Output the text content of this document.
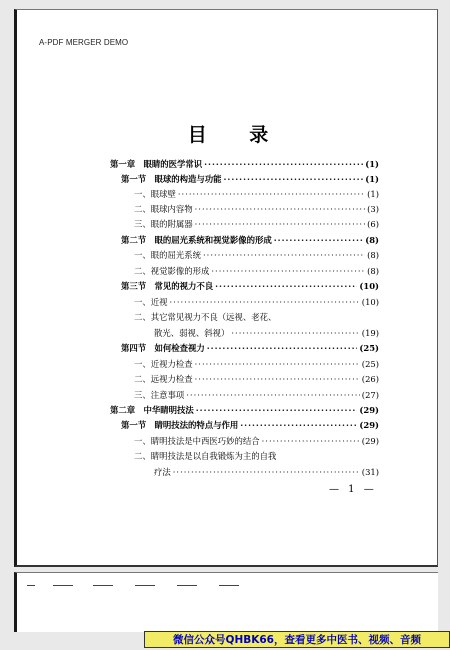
A-PDF MERGER DEMO
目 录
第一章　眼睛的医学常识 ·····	(1)
第一节　眼球的构造与功能 ·····	(1)
一、眼球壁 ·····	(1)
二、眼球内容物 ·····	(3)
三、眼的附属器 ·····	(6)
第二节　眼的屈光系统和视觉影像的形成 ·····	(8)
一、眼的屈光系统 ·····	(8)
二、视觉影像的形成 ·····	(8)
第三节　常见的视力不良 ·····	(10)
一、近视 ·····	(10)
二、其它常见视力不良（远视、老花、
散光、弱视、斜视） ·····	(19)
第四节　如何检查视力 ·····	(25)
一、近视力检查 ·····	(25)
二、远视力检查 ·····	(26)
三、注意事项 ·····	(27)
第二章　中华睛明技法 ·····	(29)
第一节　睛明技法的特点与作用 ·····	(29)
一、睛明技法是中西医巧妙的结合 ·····	(29)
二、睛明技法是以自我锻炼为主的自我
疗法 ·····	(31)
— 1 —
微信公众号QHBK66，查看更多中医书、视频、音频
